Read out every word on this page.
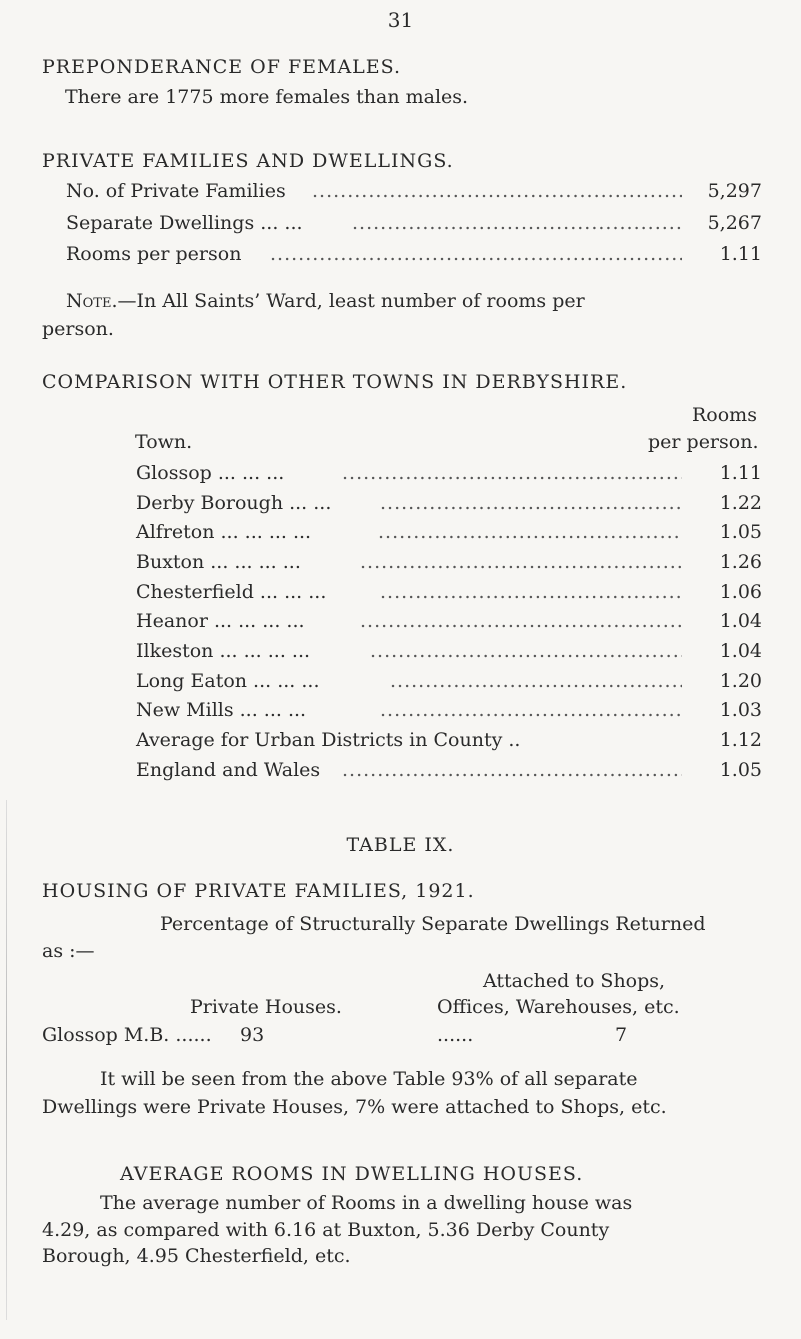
31
PREPONDERANCE OF FEMALES.
There are 1775 more females than males.
PRIVATE FAMILIES AND DWELLINGS.
No. of Private Families .....	5,297
Separate Dwellings ... ... .....	5,267
Rooms per person .....	1.11
Note.—In All Saints’ Ward, least number of rooms per
person.
COMPARISON WITH OTHER TOWNS IN DERBYSHIRE.
Rooms
Town.	per person.
Glossop ... ... ... .....	1.11
Derby Borough ... ... .....	1.22
Alfreton ... ... ... ... .....	1.05
Buxton ... ... ... ... .....	1.26
Chesterfield ... ... ... .....	1.06
Heanor ... ... ... ... .....	1.04
Ilkeston ... ... ... ... .....	1.04
Long Eaton ... ... ... .....	1.20
New Mills ... ... ... .....	1.03
Average for Urban Districts in County ..	1.12
England and Wales .....	1.05
TABLE IX.
HOUSING OF PRIVATE FAMILIES, 1921.
Percentage of Structurally Separate Dwellings Returned
as :—
Attached to Shops,
Private Houses.	Offices, Warehouses, etc.
Glossop M.B. ...... 93	......	7
It will be seen from the above Table 93% of all separate
Dwellings were Private Houses, 7% were attached to Shops, etc.
AVERAGE ROOMS IN DWELLING HOUSES.
The average number of Rooms in a dwelling house was
4.29, as compared with 6.16 at Buxton, 5.36 Derby County
Borough, 4.95 Chesterfield, etc.
